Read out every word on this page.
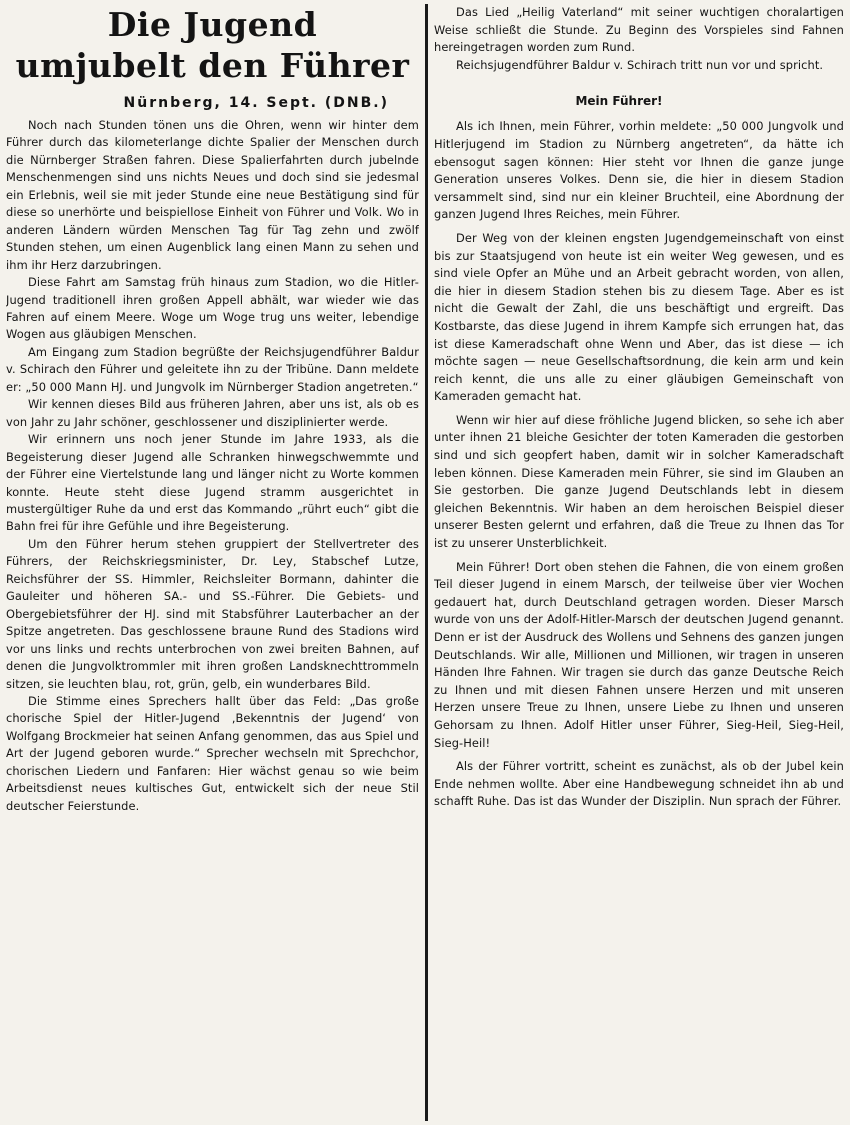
Die Jugend
umjubelt den Führer
Nürnberg, 14. Sept. (DNB.)

Noch nach Stunden tönen uns die Ohren, wenn wir hinter dem Führer durch das kilometerlange dichte Spalier der Menschen durch die Nürnberger Straßen fahren. Diese Spalierfahrten durch jubelnde Menschenmengen sind uns nichts Neues und doch sind sie jedesmal ein Erlebnis, weil sie mit jeder Stunde eine neue Bestätigung sind für diese so unerhörte und beispiellose Einheit von Führer und Volk. Wo in anderen Ländern würden Menschen Tag für Tag zehn und zwölf Stunden stehen, um einen Augenblick lang einen Mann zu sehen und ihm ihr Herz darzubringen.

Diese Fahrt am Samstag früh hinaus zum Stadion, wo die Hitler-Jugend traditionell ihren großen Appell abhält, war wieder wie das Fahren auf einem Meere. Woge um Woge trug uns weiter, lebendige Wogen aus gläubigen Menschen.

Am Eingang zum Stadion begrüßte der Reichsjugendführer Baldur v. Schirach den Führer und geleitete ihn zu der Tribüne. Dann meldete er: „50 000 Mann HJ. und Jungvolk im Nürnberger Stadion angetreten.“

Wir kennen dieses Bild aus früheren Jahren, aber uns ist, als ob es von Jahr zu Jahr schöner, geschlossener und disziplinierter werde.

Wir erinnern uns noch jener Stunde im Jahre 1933, als die Begeisterung dieser Jugend alle Schranken hinwegschwemmte und der Führer eine Viertelstunde lang und länger nicht zu Worte kommen konnte. Heute steht diese Jugend stramm ausgerichtet in mustergültiger Ruhe da und erst das Kommando „rührt euch“ gibt die Bahn frei für ihre Gefühle und ihre Begeisterung.

Um den Führer herum stehen gruppiert der Stellvertreter des Führers, der Reichskriegsminister, Dr. Ley, Stabschef Lutze, Reichsführer der SS. Himmler, Reichsleiter Bormann, dahinter die Gauleiter und höheren SA.- und SS.-Führer. Die Gebiets- und Obergebietsführer der HJ. sind mit Stabsführer Lauterbacher an der Spitze angetreten. Das geschlossene braune Rund des Stadions wird vor uns links und rechts unterbrochen von zwei breiten Bahnen, auf denen die Jungvolktrommler mit ihren großen Landsknechttrommeln sitzen, sie leuchten blau, rot, grün, gelb, ein wunderbares Bild.

Die Stimme eines Sprechers hallt über das Feld: „Das große chorische Spiel der Hitler-Jugend ‚Bekenntnis der Jugend‘ von Wolfgang Brockmeier hat seinen Anfang genommen, das aus Spiel und Art der Jugend geboren wurde.“ Sprecher wechseln mit Sprechchor, chorischen Liedern und Fanfaren: Hier wächst genau so wie beim Arbeitsdienst neues kultisches Gut, entwickelt sich der neue Stil deutscher Feierstunde.

Das Lied „Heilig Vaterland“ mit seiner wuchtigen choralartigen Weise schließt die Stunde. Zu Beginn des Vorspieles sind Fahnen hereingetragen worden zum Rund.

Reichsjugendführer Baldur v. Schirach tritt nun vor und spricht.

Mein Führer!

Als ich Ihnen, mein Führer, vorhin meldete: „50 000 Jungvolk und Hitlerjugend im Stadion zu Nürnberg angetreten“, da hätte ich ebensogut sagen können: Hier steht vor Ihnen die ganze junge Generation unseres Volkes. Denn sie, die hier in diesem Stadion versammelt sind, sind nur ein kleiner Bruchteil, eine Abordnung der ganzen Jugend Ihres Reiches, mein Führer.

Der Weg von der kleinen engsten Jugendgemeinschaft von einst bis zur Staatsjugend von heute ist ein weiter Weg gewesen, und es sind viele Opfer an Mühe und an Arbeit gebracht worden, von allen, die hier in diesem Stadion stehen bis zu diesem Tage. Aber es ist nicht die Gewalt der Zahl, die uns beschäftigt und ergreift. Das Kostbarste, das diese Jugend in ihrem Kampfe sich errungen hat, das ist diese Kameradschaft ohne Wenn und Aber, das ist diese — ich möchte sagen — neue Gesellschaftsordnung, die kein arm und kein reich kennt, die uns alle zu einer gläubigen Gemeinschaft von Kameraden gemacht hat.

Wenn wir hier auf diese fröhliche Jugend blicken, so sehe ich aber unter ihnen 21 bleiche Gesichter der toten Kameraden die gestorben sind und sich geopfert haben, damit wir in solcher Kameradschaft leben können. Diese Kameraden mein Führer, sie sind im Glauben an Sie gestorben. Die ganze Jugend Deutschlands lebt in diesem gleichen Bekenntnis. Wir haben an dem heroischen Beispiel dieser unserer Besten gelernt und erfahren, daß die Treue zu Ihnen das Tor ist zu unserer Unsterblichkeit.

Mein Führer! Dort oben stehen die Fahnen, die von einem großen Teil dieser Jugend in einem Marsch, der teilweise über vier Wochen gedauert hat, durch Deutschland getragen worden. Dieser Marsch wurde von uns der Adolf-Hitler-Marsch der deutschen Jugend genannt. Denn er ist der Ausdruck des Wollens und Sehnens des ganzen jungen Deutschlands. Wir alle, Millionen und Millionen, wir tragen in unseren Händen Ihre Fahnen. Wir tragen sie durch das ganze Deutsche Reich zu Ihnen und mit diesen Fahnen unsere Herzen und mit unseren Herzen unsere Treue zu Ihnen, unsere Liebe zu Ihnen und unseren Gehorsam zu Ihnen. Adolf Hitler unser Führer, Sieg-Heil, Sieg-Heil, Sieg-Heil!

Als der Führer vortritt, scheint es zunächst, als ob der Jubel kein Ende nehmen wollte. Aber eine Handbewegung schneidet ihn ab und schafft Ruhe. Das ist das Wunder der Disziplin. Nun sprach der Führer.
